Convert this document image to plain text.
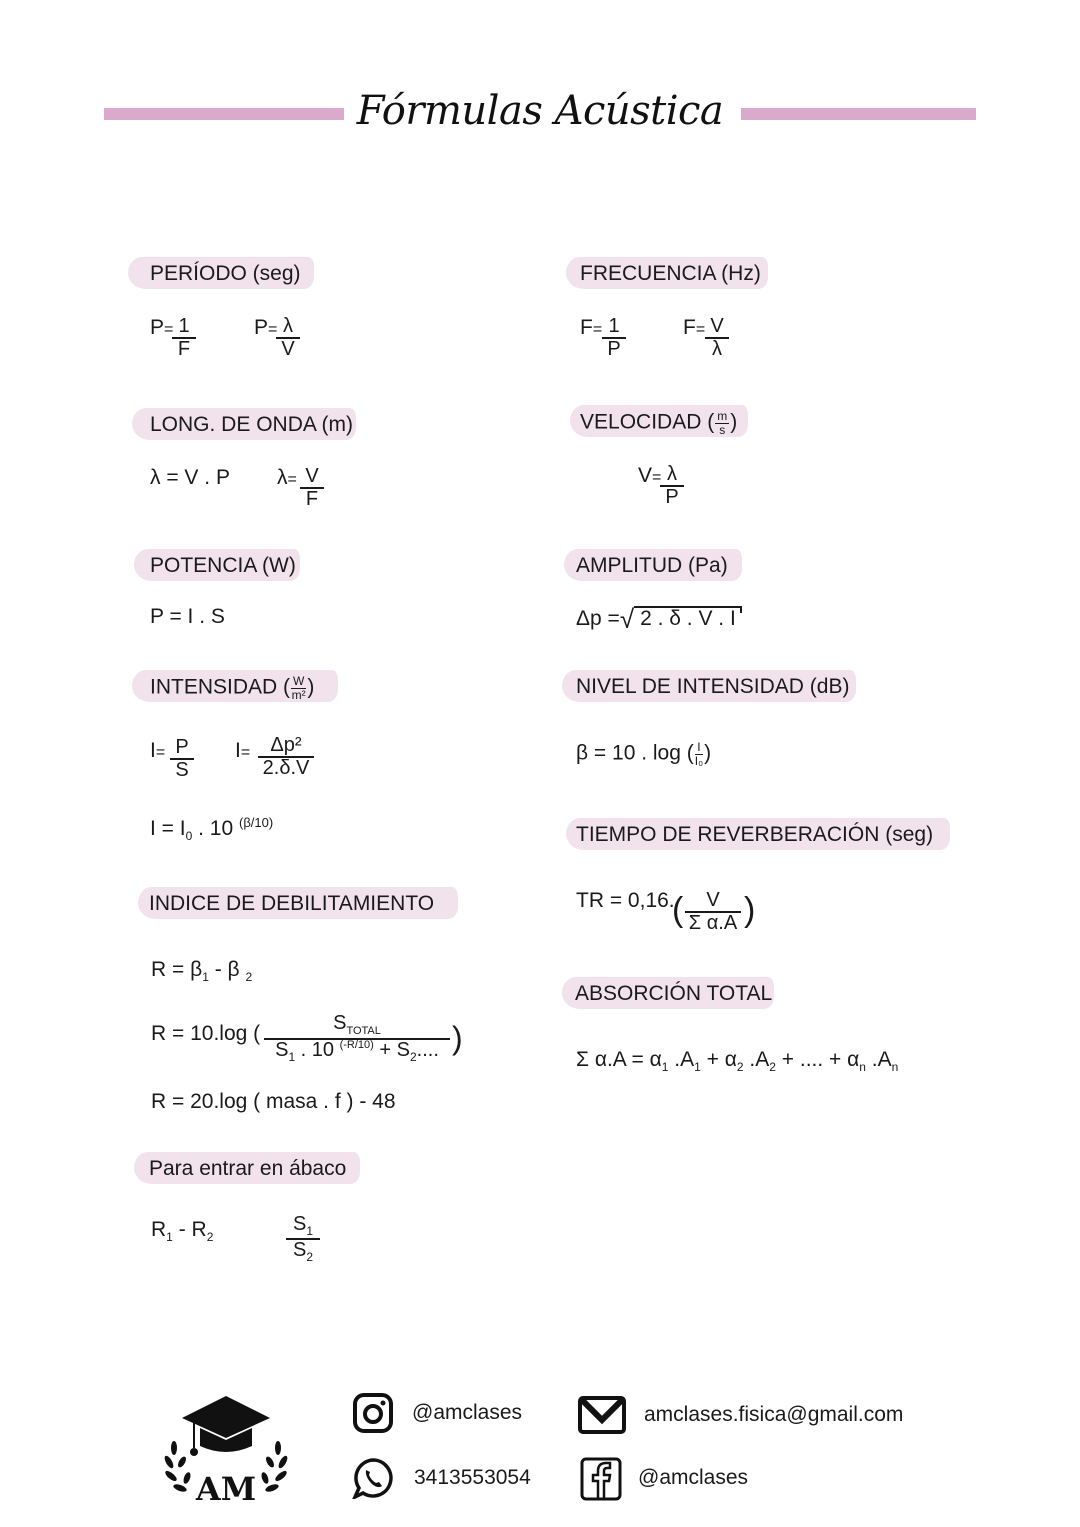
Fórmulas Acústica
PERÍODO (seg)
P=
$\frac{1}{F}$	P=
$\frac{\lambda}{V}$
FRECUENCIA (Hz)
$F= \frac{1}{P}$	$F= \frac{V}{\lambda}$
LONG. DE ONDA (m)
λ = V . P $\lambda= \frac{V}{F}$
VELOCIDAD ( $\frac{m}{s}$ )
V=
$\frac{\lambda}{P}$
POTENCIA (W)
P = I . S
AMPLITUD (Pa)
Δp =√ 2 . δ . V . I
INTENSIDAD ( $\frac{W}{\text{m²}}$ )
$I= \frac{P}{S} I= \frac{\text{Δp²}}{2.\delta.V}$
$I = I_0$ . 10 $^{(\beta/10)}$
NIVEL DE INTENSIDAD (dB)
β = 10 . log ( $\frac{I}{\text{I₀}}$ )
TIEMPO DE REVERBERACIÓN (seg)
TR = 0,16.
( $\frac{V}{\text{Σ α.A}}$ )
INDICE DE DEBILITAMIENTO
$R = \beta_1 - \beta$ $_2$
R = 10.log (	$S_{TOTAL}$
$S_1$ . 10 $^{(-R/10)} + S_2$.... )
R = 20.log ( masa . f ) - 48
ABSORCIÓN TOTAL
Σ $\alpha.A = \alpha_1$ $.A_1 + \alpha_2$ $.A_2$ + .... + $\alpha_n$ $.A_n$
Para entrar en ábaco
$R_1 - R_2$	$\frac{S_1}{S_2}$
AM
@amclases	amclases.fisica@gmail.com
3413553054	@amclases
